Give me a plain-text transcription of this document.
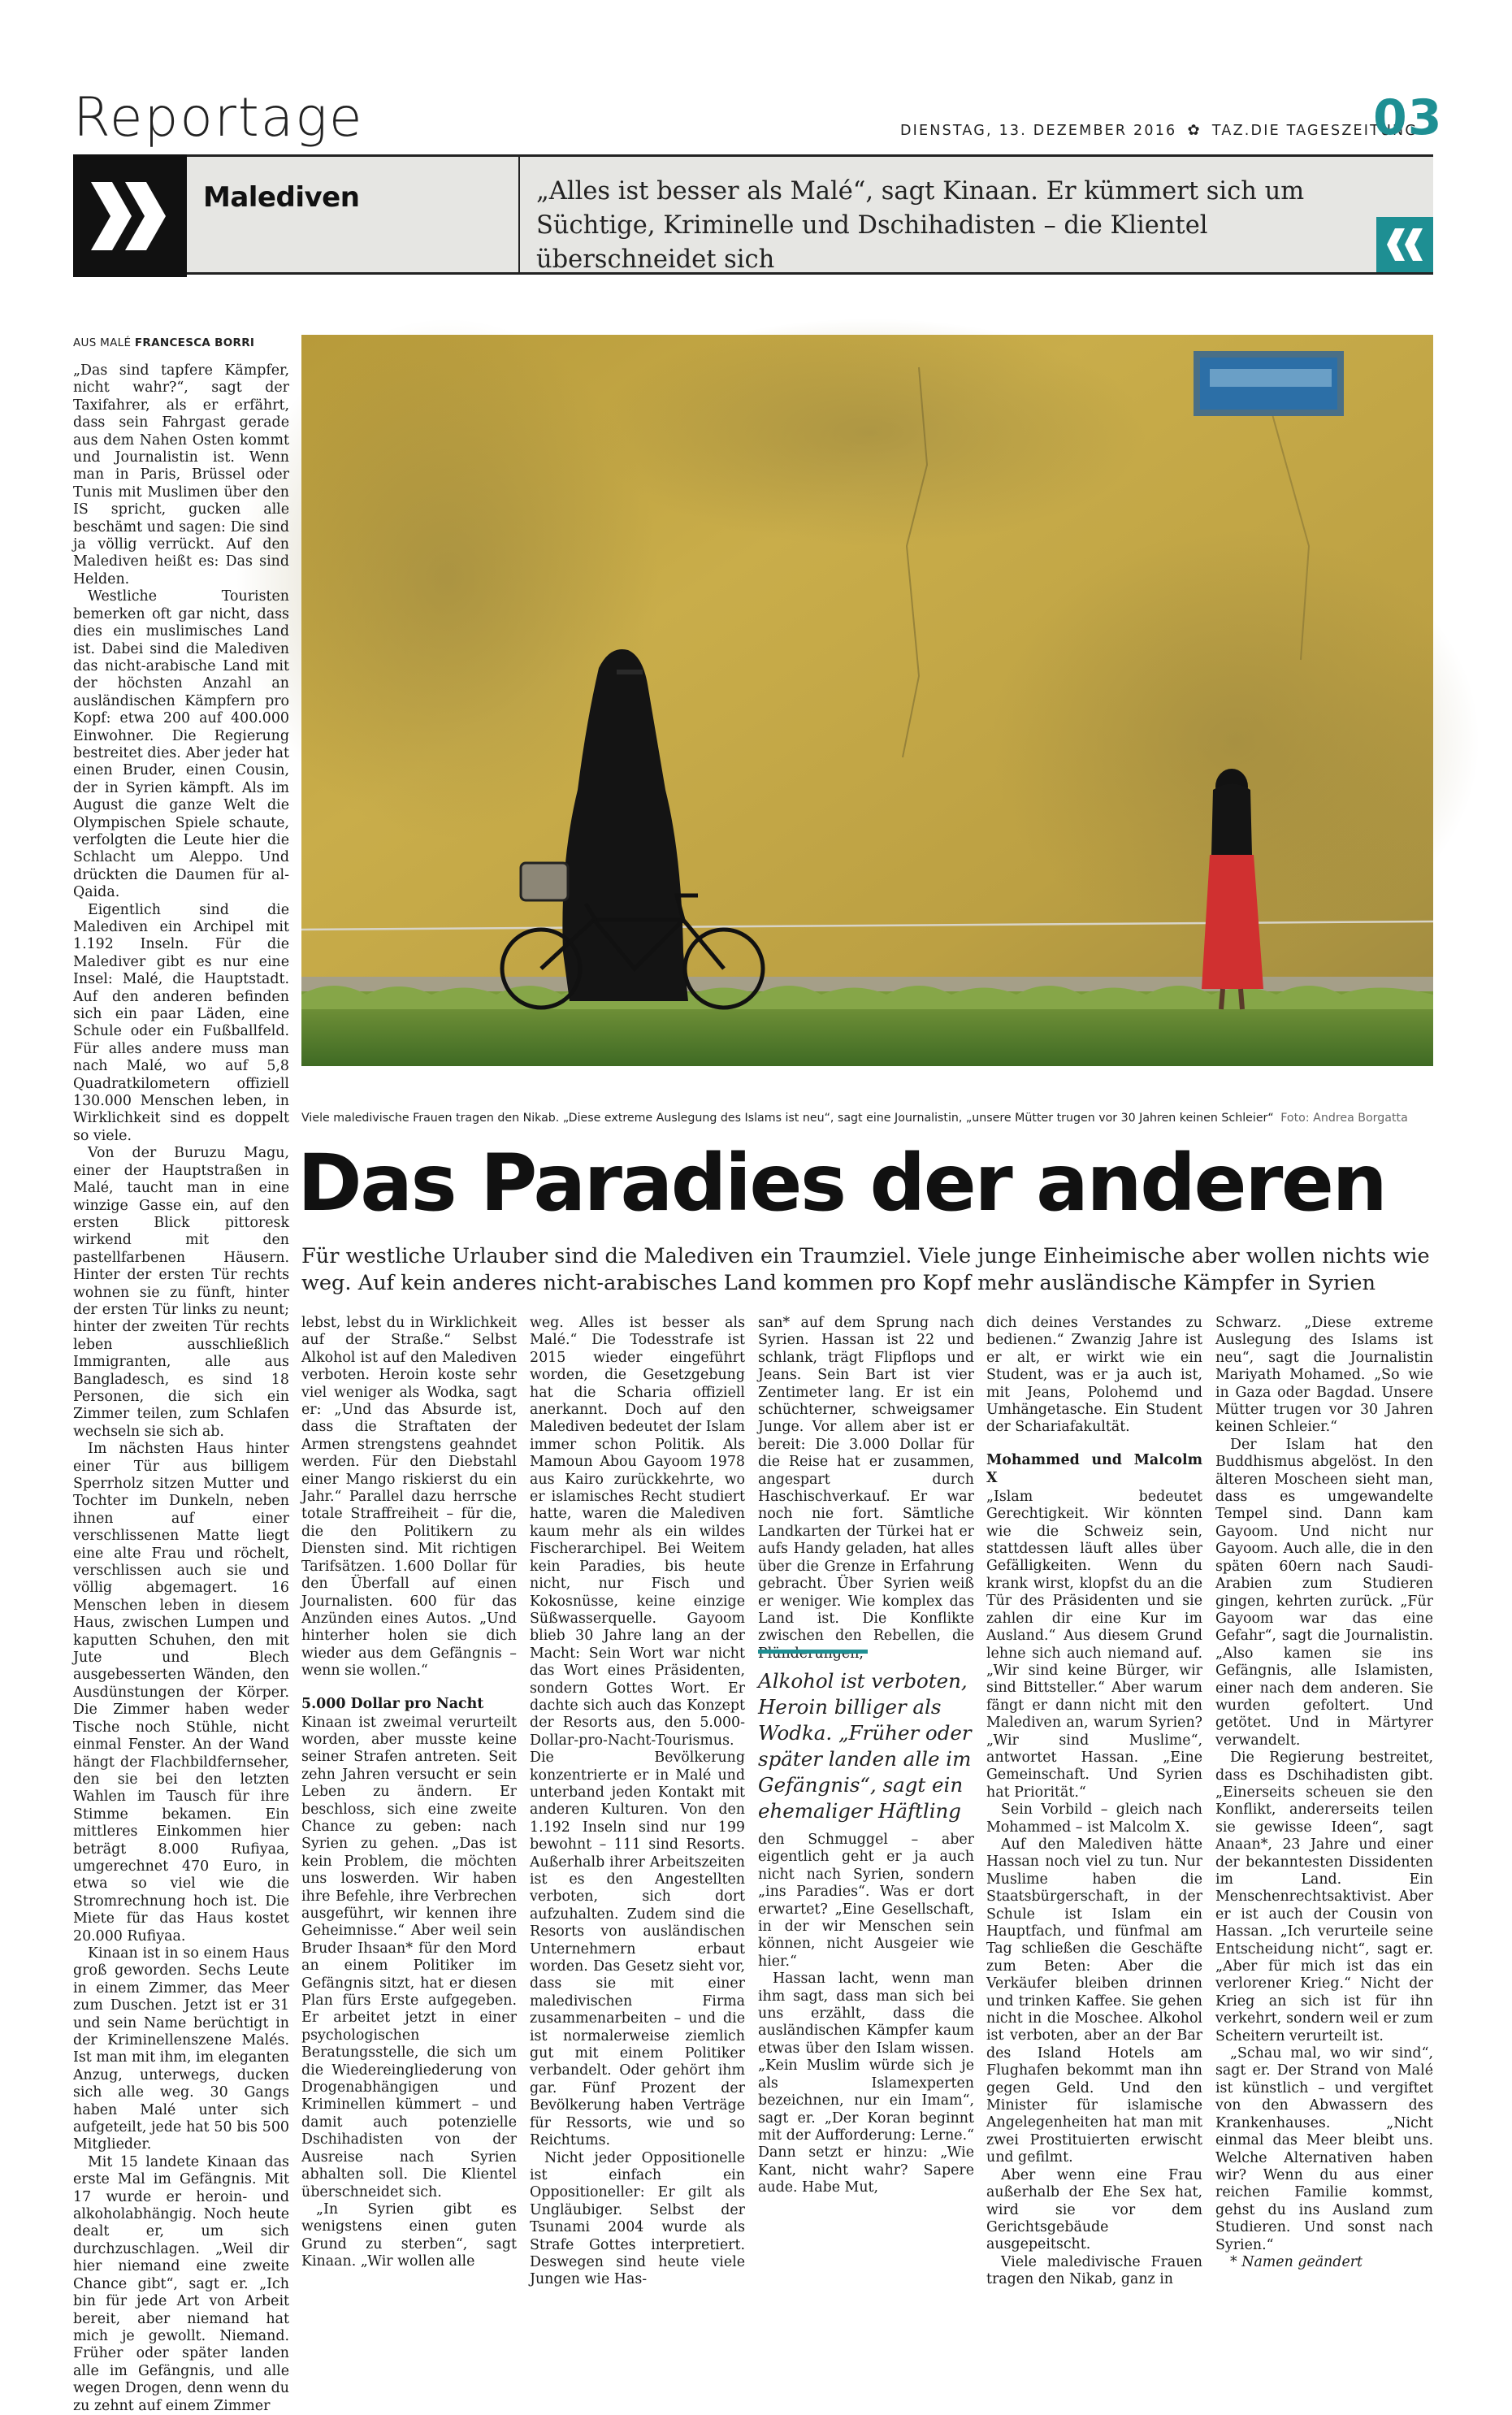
Reportage	DIENSTAG, 13. DEZEMBER 2016 ✿ TAZ.DIE TAGESZEITUNG
03
Malediven	„Alles ist besser als Malé“, sagt Kinaan. Er kümmert sich um Süchtige, Kriminelle und Dschihadisten – die Klientel überschneidet sich
AUS MALÉ FRANCESCA BORRI
Viele maledivische Frauen tragen den Nikab. „Diese extreme Auslegung des Islams ist neu“, sagt eine Journalistin, „unsere Mütter trugen vor 30 Jahren keinen Schleier“ Foto: Andrea Borgatta
Das Paradies der anderen
Für westliche Urlauber sind die Malediven ein Traumziel. Viele junge Einheimische aber wollen nichts wie weg. Auf kein anderes nicht-arabisches Land kommen pro Kopf mehr ausländische Kämpfer in Syrien

„Das sind tapfere Kämpfer, nicht wahr?“, sagt der Taxifahrer, als er erfährt, dass sein Fahrgast gerade aus dem Nahen Osten kommt und Journalistin ist. Wenn man in Paris, Brüssel oder Tunis mit Muslimen über den IS spricht, gucken alle beschämt und sagen: Die sind ja völlig verrückt. Auf den Malediven heißt es: Das sind Helden.

Westliche Touristen bemerken oft gar nicht, dass dies ein muslimisches Land ist. Dabei sind die Malediven das nicht-arabische Land mit der höchsten Anzahl an ausländischen Kämpfern pro Kopf: etwa 200 auf 400.000 Einwohner. Die Regierung bestreitet dies. Aber jeder hat einen Bruder, einen Cousin, der in Syrien kämpft. Als im August die ganze Welt die Olympischen Spiele schaute, verfolgten die Leute hier die Schlacht um Aleppo. Und drückten die Daumen für al-Qaida.

Eigentlich sind die Malediven ein Archipel mit 1.192 Inseln. Für die Malediver gibt es nur eine Insel: Malé, die Hauptstadt. Auf den anderen befinden sich ein paar Läden, eine Schule oder ein Fußballfeld. Für alles andere muss man nach Malé, wo auf 5,8 Quadratkilometern offiziell 130.000 Menschen leben, in Wirklichkeit sind es doppelt so viele.

Von der Buruzu Magu, einer der Hauptstraßen in Malé, taucht man in eine winzige Gasse ein, auf den ersten Blick pittoresk wirkend mit den pastellfarbenen Häusern. Hinter der ersten Tür rechts wohnen sie zu fünft, hinter der ersten Tür links zu neunt; hinter der zweiten Tür rechts leben ausschließlich Immigranten, alle aus Bangladesch, es sind 18 Personen, die sich ein Zimmer teilen, zum Schlafen wechseln sie sich ab.

Im nächsten Haus hinter einer Tür aus billigem Sperrholz sitzen Mutter und Tochter im Dunkeln, neben ihnen auf einer verschlissenen Matte liegt eine alte Frau und röchelt, verschlissen auch sie und völlig abgemagert. 16 Menschen leben in diesem Haus, zwischen Lumpen und kaputten Schuhen, den mit Jute und Blech ausgebesserten Wänden, den Ausdünstungen der Körper. Die Zimmer haben weder Tische noch Stühle, nicht einmal Fenster. An der Wand hängt der Flachbildfernseher, den sie bei den letzten Wahlen im Tausch für ihre Stimme bekamen. Ein mittleres Einkommen hier beträgt 8.000 Rufiyaa, umgerechnet 470 Euro, in etwa so viel wie die Stromrechnung hoch ist. Die Miete für das Haus kostet 20.000 Rufiyaa.

Kinaan ist in so einem Haus groß geworden. Sechs Leute in einem Zimmer, das Meer zum Duschen. Jetzt ist er 31 und sein Name berüchtigt in der Kriminellenszene Malés. Ist man mit ihm, im eleganten Anzug, unterwegs, ducken sich alle weg. 30 Gangs haben Malé unter sich aufgeteilt, jede hat 50 bis 500 Mitglieder.

Mit 15 landete Kinaan das erste Mal im Gefängnis. Mit 17 wurde er heroin- und alkoholabhängig. Noch heute dealt er, um sich durchzuschlagen. „Weil dir hier niemand eine zweite Chance gibt“, sagt er. „Ich bin für jede Art von Arbeit bereit, aber niemand hat mich je gewollt. Niemand. Früher oder später landen alle im Gefängnis, und alle wegen Drogen, denn wenn du zu zehnt auf einem Zimmer

lebst, lebst du in Wirklichkeit auf der Straße.“ Selbst Alkohol ist auf den Malediven verboten. Heroin koste sehr viel weniger als Wodka, sagt er: „Und das Absurde ist, dass die Straftaten der Armen strengstens geahndet werden. Für den Diebstahl einer Mango riskierst du ein Jahr.“ Parallel dazu herrsche totale Straffreiheit – für die, die den Politikern zu Diensten sind. Mit richtigen Tarifsätzen. 1.600 Dollar für den Überfall auf einen Journalisten. 600 für das Anzünden eines Autos. „Und hinterher holen sie dich wieder aus dem Gefängnis – wenn sie wollen.“

5.000 Dollar pro Nacht

Kinaan ist zweimal verurteilt worden, aber musste keine seiner Strafen antreten. Seit zehn Jahren versucht er sein Leben zu ändern. Er beschloss, sich eine zweite Chance zu geben: nach Syrien zu gehen. „Das ist kein Problem, die möchten uns loswerden. Wir haben ihre Befehle, ihre Verbrechen ausgeführt, wir kennen ihre Geheimnisse.“ Aber weil sein Bruder Ihsaan* für den Mord an einem Politiker im Gefängnis sitzt, hat er diesen Plan fürs Erste aufgegeben. Er arbeitet jetzt in einer psychologischen Beratungsstelle, die sich um die Wiedereingliederung von Drogenabhängigen und Kriminellen kümmert – und damit auch potenzielle Dschihadisten von der Ausreise nach Syrien abhalten soll. Die Klientel überschneidet sich.

„In Syrien gibt es wenigstens einen guten Grund zu sterben“, sagt Kinaan. „Wir wollen alle

weg. Alles ist besser als Malé.“ Die Todesstrafe ist 2015 wieder eingeführt worden, die Gesetzgebung hat die Scharia offiziell anerkannt. Doch auf den Malediven bedeutet der Islam immer schon Politik. Als Mamoun Abou Gayoom 1978 aus Kairo zurückkehrte, wo er islamisches Recht studiert hatte, waren die Malediven kaum mehr als ein wildes Fischerarchipel. Bei Weitem kein Paradies, bis heute nicht, nur Fisch und Kokosnüsse, keine einzige Süßwasserquelle. Gayoom blieb 30 Jahre lang an der Macht: Sein Wort war nicht das Wort eines Präsidenten, sondern Gottes Wort. Er dachte sich auch das Konzept der Resorts aus, den 5.000-Dollar-pro-Nacht-Tourismus. Die Bevölkerung konzentrierte er in Malé und unterband jeden Kontakt mit anderen Kulturen. Von den 1.192 Inseln sind nur 199 bewohnt – 111 sind Resorts. Außerhalb ihrer Arbeitszeiten ist es den Angestellten verboten, sich dort aufzuhalten. Zudem sind die Resorts von ausländischen Unternehmern erbaut worden. Das Gesetz sieht vor, dass sie mit einer maledivischen Firma zusammenarbeiten – und die ist normalerweise ziemlich gut mit einem Politiker verbandelt. Oder gehört ihm gar. Fünf Prozent der Bevölkerung haben Verträge für Ressorts, wie und so Reichtums.

Nicht jeder Oppositionelle ist einfach ein Oppositioneller: Er gilt als Ungläubiger. Selbst der Tsunami 2004 wurde als Strafe Gottes interpretiert. Deswegen sind heute viele Jungen wie Has-

san* auf dem Sprung nach Syrien. Hassan ist 22 und schlank, trägt Flipflops und Jeans. Sein Bart ist vier Zentimeter lang. Er ist ein schüchterner, schweigsamer Junge. Vor allem aber ist er bereit: Die 3.000 Dollar für die Reise hat er zusammen, angespart durch Haschischverkauf. Er war noch nie fort. Sämtliche Landkarten der Türkei hat er aufs Handy geladen, hat alles über die Grenze in Erfahrung gebracht. Über Syrien weiß er weniger. Wie komplex das Land ist. Die Konflikte zwischen den Rebellen, die

Alkohol ist verboten, Heroin billiger als Wodka. „Früher oder später landen alle im Gefängnis“, sagt ein ehemaliger Häftling

den Schmuggel – aber eigentlich geht er ja auch nicht nach Syrien, sondern „ins Paradies“. Was er dort erwartet? „Eine Gesellschaft, in der wir Menschen sein können, nicht Ausgeier wie hier.“

Hassan lacht, wenn man ihm sagt, dass man sich bei uns erzählt, dass die ausländischen Kämpfer kaum etwas über den Islam wissen. „Kein Muslim würde sich je als Islamexperten bezeichnen, nur ein Imam“, sagt er. „Der Koran beginnt mit der Aufforderung: Lerne.“ Dann setzt er hinzu: „Wie Kant, nicht wahr? Sapere aude. Habe Mut,

dich deines Verstandes zu bedienen.“ Zwanzig Jahre ist er alt, er wirkt wie ein Student, was er ja auch ist, mit Jeans, Polohemd und Umhängetasche. Ein Student der Schariafakultät.

Mohammed und Malcolm X

„Islam bedeutet Gerechtigkeit. Wir könnten wie die Schweiz sein, stattdessen läuft alles über Gefälligkeiten. Wenn du krank wirst, klopfst du an die Tür des Präsidenten und sie zahlen dir eine Kur im Ausland.“ Aus diesem Grund lehne sich auch niemand auf. „Wir sind keine Bürger, wir sind Bittsteller.“ Aber warum fängt er dann nicht mit den Malediven an, warum Syrien? „Wir sind Muslime“, antwortet Hassan. „Eine Gemeinschaft. Und Syrien hat Priorität.“

Sein Vorbild – gleich nach Mohammed – ist Malcolm X.

Auf den Malediven hätte Hassan noch viel zu tun. Nur Muslime haben die Staatsbürgerschaft, in der Schule ist Islam ein Hauptfach, und fünfmal am Tag schließen die Geschäfte zum Beten: Aber die Verkäufer bleiben drinnen und trinken Kaffee. Sie gehen nicht in die Moschee. Alkohol ist verboten, aber an der Bar des Island Hotels am Flughafen bekommt man ihn gegen Geld. Und den Minister für islamische Angelegenheiten hat man mit zwei Prostituierten erwischt und gefilmt.

Aber wenn eine Frau außerhalb der Ehe Sex hat, wird sie vor dem Gerichtsgebäude ausgepeitscht.

Viele maledivische Frauen tragen den Nikab, ganz in

Schwarz. „Diese extreme Auslegung des Islams ist neu“, sagt die Journalistin Mariyath Mohamed. „So wie in Gaza oder Bagdad. Unsere Mütter trugen vor 30 Jahren keinen Schleier.“

Der Islam hat den Buddhismus abgelöst. In den älteren Moscheen sieht man, dass es umgewandelte Tempel sind. Dann kam Gayoom. Und nicht nur Gayoom. Auch alle, die in den späten 60ern nach Saudi-Arabien zum Studieren gingen, kehrten zurück. „Für Gayoom war das eine Gefahr“, sagt die Journalistin. „Also kamen sie ins Gefängnis, alle Islamisten, einer nach dem anderen. Sie wurden gefoltert. Und getötet. Und in Märtyrer verwandelt.

Die Regierung bestreitet, dass es Dschihadisten gibt. „Einerseits scheuen sie den Konflikt, andererseits teilen sie gewisse Ideen“, sagt Anaan*, 23 Jahre und einer der bekanntesten Dissidenten im Land. Ein Menschenrechtsaktivist. Aber er ist auch der Cousin von Hassan. „Ich verurteile seine Entscheidung nicht“, sagt er. „Aber für mich ist das ein verlorener Krieg.“ Nicht der Krieg an sich ist für ihn verkehrt, sondern weil er zum Scheitern verurteilt ist.

„Schau mal, wo wir sind“, sagt er. Der Strand von Malé ist künstlich – und vergiftet von den Abwassern des Krankenhauses. „Nicht einmal das Meer bleibt uns. Welche Alternativen haben wir? Wenn du aus einer reichen Familie kommst, gehst du ins Ausland zum Studieren. Und sonst nach Syrien.“

* Namen geändert
